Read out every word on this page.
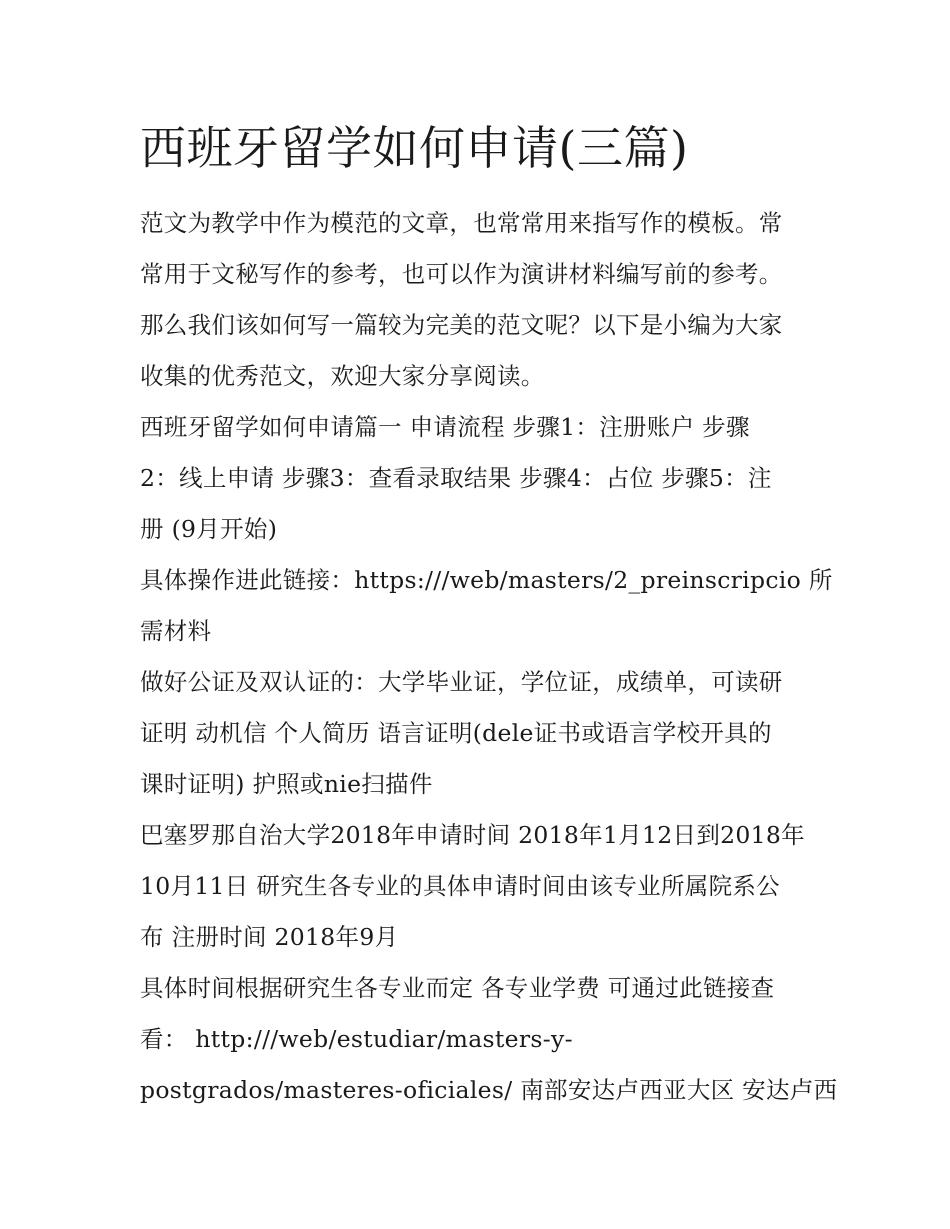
西班牙留学如何申请(三篇)

范文为教学中作为模范的文章，也常常用来指写作的模板。常
常用于文秘写作的参考，也可以作为演讲材料编写前的参考。
那么我们该如何写一篇较为完美的范文呢？以下是小编为大家
收集的优秀范文，欢迎大家分享阅读。

西班牙留学如何申请篇一 申请流程 步骤1：注册账户 步骤
2：线上申请 步骤3：查看录取结果 步骤4：占位 步骤5：注
册 (9月开始)

具体操作进此链接：https:///web/masters/2_preinscripcio 所
需材料

做好公证及双认证的：大学毕业证，学位证，成绩单，可读研
证明 动机信 个人简历 语言证明(dele证书或语言学校开具的
课时证明) 护照或nie扫描件

巴塞罗那自治大学2018年申请时间 2018年1月12日到2018年
10月11日 研究生各专业的具体申请时间由该专业所属院系公
布 注册时间 2018年9月

具体时间根据研究生各专业而定 各专业学费 可通过此链接查
看： http:///web/estudiar/masters-y-
postgrados/masteres-oficiales/ 南部安达卢西亚大区 安达卢西
